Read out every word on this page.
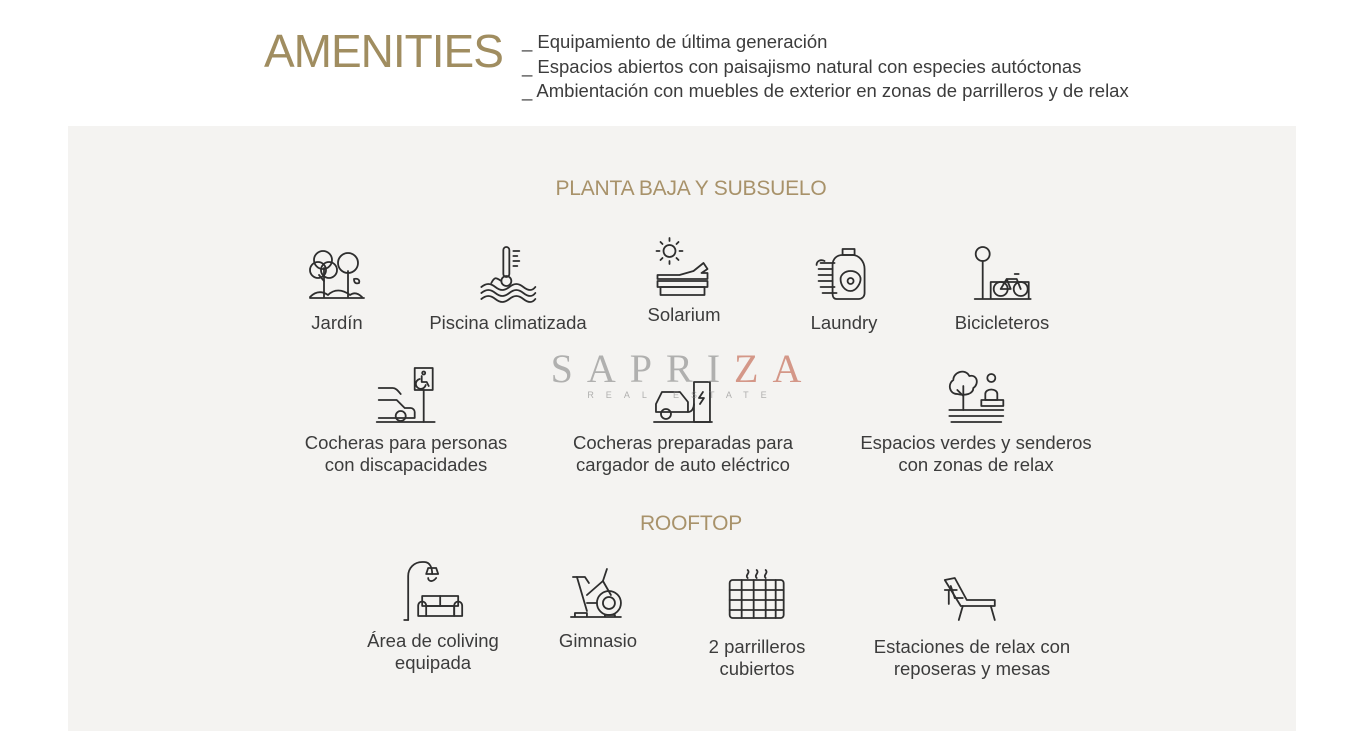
AMENITIES _ Equipamiento de última generación
_ Espacios abiertos con paisajismo natural con especies autóctonas
_ Ambientación con muebles de exterior en zonas de parrilleros y de relax
PLANTA BAJA Y SUBSUELO
Jardín	Piscina climatizada	Solarium	Laundry	Bicicleteros
Cocheras para personas
con discapacidades
Cocheras preparadas para
cargador de auto eléctrico
Espacios verdes y senderos
con zonas de relax
SAPRIZA
REAL ESTATE
ROOFTOP
Área de coliving
equipada
Gimnasio	2 parrilleros
cubiertos
Estaciones de relax con
reposeras y mesas
